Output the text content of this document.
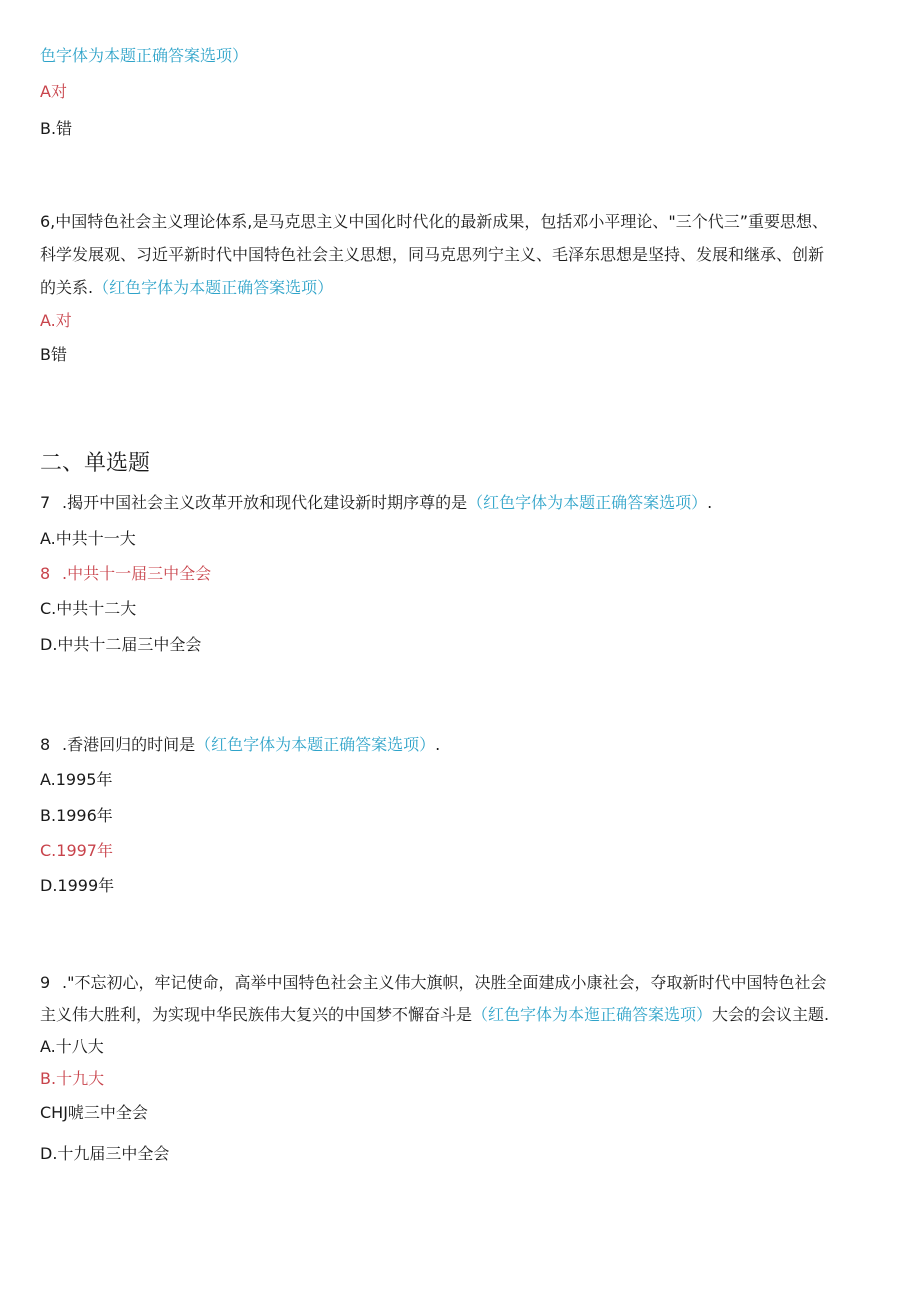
色字体为本题正确答案选项）

A对

B.错

6,中国特色社会主义理论体系,是马克思主义中国化时代化的最新成果，包括邓小平理论、"三个代三”重要思想、

科学发展观、习近平新时代中国特色社会主义思想，同马克思列宁主义、毛泽东思想是坚持、发展和继承、创新

的关系.（红色字体为本题正确答案选项）

A.对

B错

二、单选题

7 .揭开中国社会主义改革开放和现代化建设新时期序尊的是（红色字体为本题正确答案选项）.

A.中共十一大

8 .中共十一届三中全会

C.中共十二大

D.中共十二届三中全会

8 .香港回归的时间是（红色字体为本题正确答案选项）.

A.1995年

B.1996年

C.1997年

D.1999年

9 ."不忘初心，牢记使命，高举中国特色社会主义伟大旗帜，决胜全面建成小康社会，夺取新时代中国特色社会

主义伟大胜利，为实现中华民族伟大复兴的中国梦不懈奋斗是（红色字体为本迤正确答案选项）大会的会议主题.

A.十八大

B.十九大

CHJ唬三中全会

D.十九届三中全会
